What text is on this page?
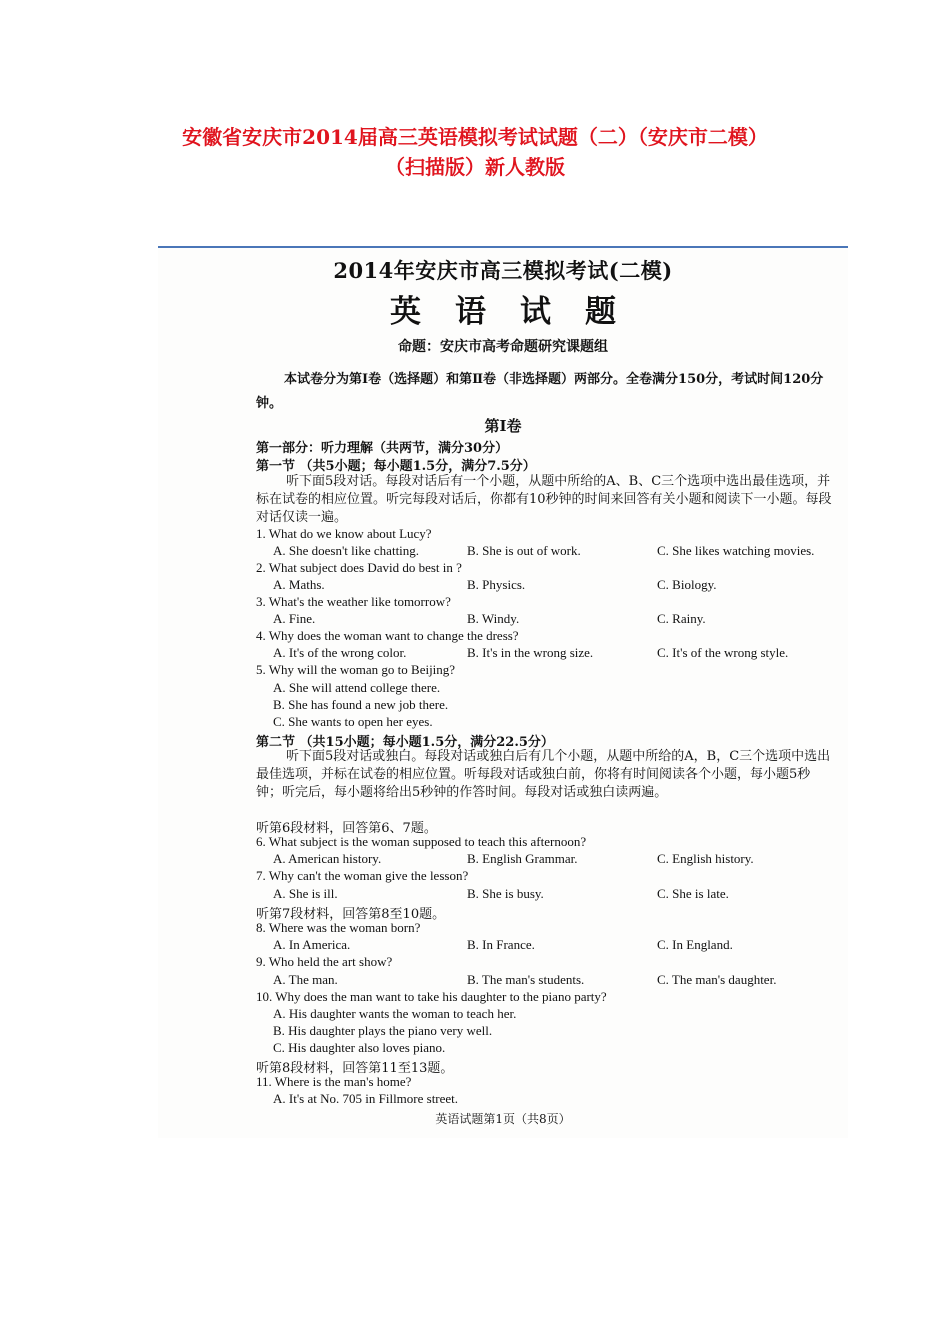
安徽省安庆市2014届高三英语模拟考试试题（二）（安庆市二模）
（扫描版）新人教版
2014年安庆市高三模拟考试(二模)
英语试题
命题：安庆市高考命题研究课题组
本试卷分为第Ⅰ卷（选择题）和第Ⅱ卷（非选择题）两部分。全卷满分150分，考试时间120分钟。
第Ⅰ卷
第一部分：听力理解（共两节，满分30分）
第一节 （共5小题；每小题1.5分，满分7.5分）
听下面5段对话。每段对话后有一个小题，从题中所给的A、B、C三个选项中选出最佳选项，并标在试卷的相应位置。听完每段对话后，你都有10秒钟的时间来回答有关小题和阅读下一小题。每段对话仅读一遍。
1. What do we know about Lucy?
A. She doesn't like chatting.	B. She is out of work.	C. She likes watching movies.
2. What subject does David do best in ?
A. Maths.	B. Physics.	C. Biology.
3. What's the weather like tomorrow?
A. Fine.	B. Windy.	C. Rainy.
4. Why does the woman want to change the dress?
A. It's of the wrong color.	B. It's in the wrong size.	C. It's of the wrong style.
5. Why will the woman go to Beijing?
A. She will attend college there.
B. She has found a new job there.
C. She wants to open her eyes.
第二节 （共15小题；每小题1.5分，满分22.5分）
听下面5段对话或独白。每段对话或独白后有几个小题，从题中所给的A，B，C三个选项中选出最佳选项，并标在试卷的相应位置。听每段对话或独白前，你将有时间阅读各个小题，每小题5秒钟；听完后，每小题将给出5秒钟的作答时间。每段对话或独白读两遍。
听第6段材料，回答第6、7题。
6. What subject is the woman supposed to teach this afternoon?
A. American history.	B. English Grammar.	C. English history.
7. Why can't the woman give the lesson?
A. She is ill.	B. She is busy.	C. She is late.
听第7段材料，回答第8至10题。
8. Where was the woman born?
A. In America.	B. In France.	C. In England.
9. Who held the art show?
A. The man.	B. The man's students.	C. The man's daughter.
10. Why does the man want to take his daughter to the piano party?
A. His daughter wants the woman to teach her.
B. His daughter plays the piano very well.
C. His daughter also loves piano.
听第8段材料，回答第11至13题。
11. Where is the man's home?
A. It's at No. 705 in Fillmore street.
英语试题第1页（共8页）
